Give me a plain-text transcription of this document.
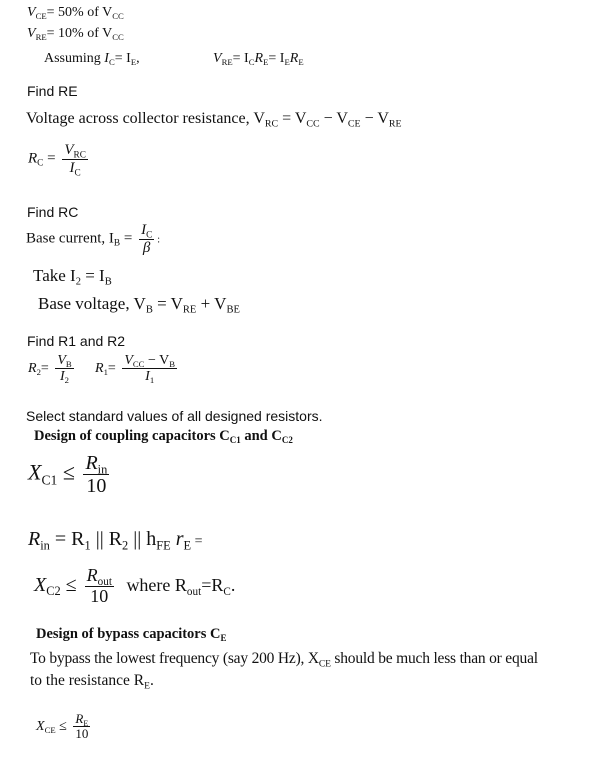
$V_{CE}= 50\%$ of $V_{CC}$
$V_{RE}= 10\%$ of $V_{CC}$
Assuming $I_C= I_E$,	$V_{RE}= I_CR_E= I_ER_E$
Find RE
Voltage across collector resistance, $V_{RC} = V_{CC} - V_{CE} - V_{RE}$
$R_C = \frac{V_{RC}}{I_C}$
Find RC
Base current, $I_B = \frac{I_C}{\beta}$ :
Take $I_2 = I_B$
Base voltage, $V_B = V_{RE} + V_{BE}$
Find R1 and R2
$R_2= \frac{V_B}{I_2} R_1= \frac{V_{CC} - V_B}{I_1}$
Select standard values of all designed resistors.
Design of coupling capacitors $C_{C1}$ and $C_{C2}$
$X_{C1} \le \frac{R_{in}}{10}$
$R_{in} = R_1$ || $R_2$ || $h_{FE}$ $r_E$ =
$X_{C2} \le \frac{R_{out}}{10}$ where $R_{out}=R_C$.
Design of bypass capacitors $C_E$
To bypass the lowest frequency (say 200 Hz), $X_{CE}$ should be much less than or equal
to the resistance $R_E$.
$X_{CE} \le \frac{R_E}{10}$
